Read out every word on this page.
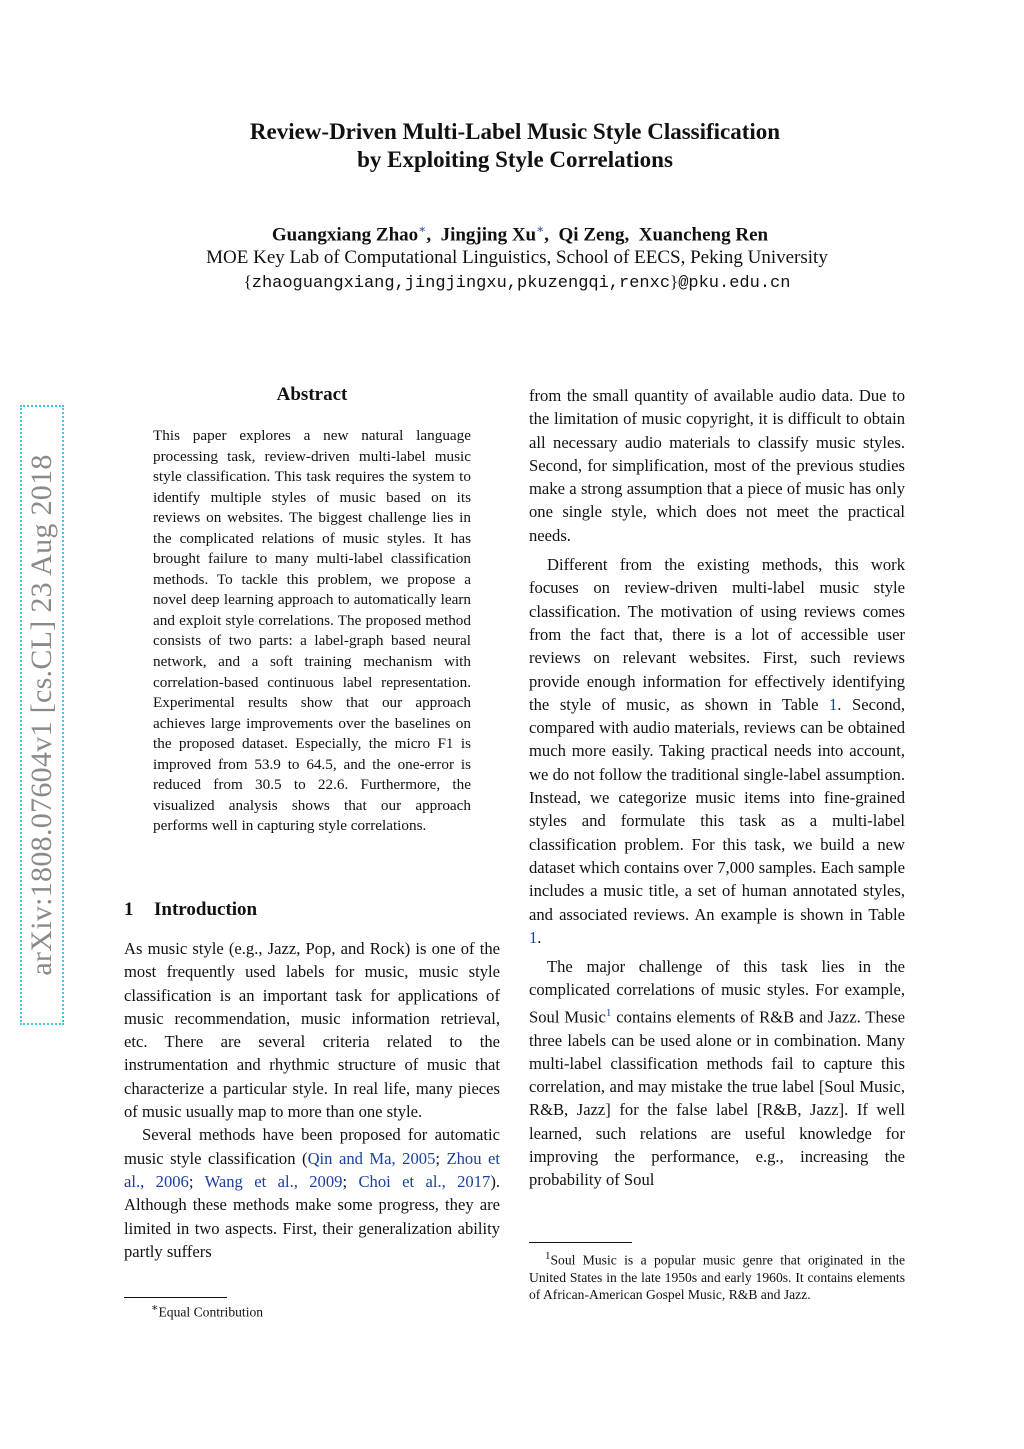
arXiv:1808.07604v1 [cs.CL] 23 Aug 2018
Review-Driven Multi-Label Music Style Classification
by Exploiting Style Correlations
Guangxiang Zhao∗, Jingjing Xu∗, Qi Zeng, Xuancheng Ren
MOE Key Lab of Computational Linguistics, School of EECS, Peking University
{zhaoguangxiang,jingjingxu,pkuzengqi,renxc}@pku.edu.cn
Abstract
This paper explores a new natural language processing task, review-driven multi-label music style classification. This task requires the system to identify multiple styles of music based on its reviews on websites. The biggest challenge lies in the complicated relations of music styles. It has brought failure to many multi-label classification methods. To tackle this problem, we propose a novel deep learning approach to automatically learn and exploit style correlations. The proposed method consists of two parts: a label-graph based neural network, and a soft training mechanism with correlation-based continuous label representation. Experimental results show that our approach achieves large improvements over the baselines on the proposed dataset. Especially, the micro F1 is improved from 53.9 to 64.5, and the one-error is reduced from 30.5 to 22.6. Furthermore, the visualized analysis shows that our approach performs well in capturing style correlations.
1 Introduction

As music style (e.g., Jazz, Pop, and Rock) is one of the most frequently used labels for music, music style classification is an important task for applications of music recommendation, music information retrieval, etc. There are several criteria related to the instrumentation and rhythmic structure of music that characterize a particular style. In real life, many pieces of music usually map to more than one style.

Several methods have been proposed for automatic music style classification (Qin and Ma, 2005; Zhou et al., 2006; Wang et al., 2009; Choi et al., 2017). Although these methods make some progress, they are limited in two aspects. First, their generalization ability partly suffers

∗Equal Contribution

from the small quantity of available audio data. Due to the limitation of music copyright, it is difficult to obtain all necessary audio materials to classify music styles. Second, for simplification, most of the previous studies make a strong assumption that a piece of music has only one single style, which does not meet the practical needs.

Different from the existing methods, this work focuses on review-driven multi-label music style classification. The motivation of using reviews comes from the fact that, there is a lot of accessible user reviews on relevant websites. First, such reviews provide enough information for effectively identifying the style of music, as shown in Table 1. Second, compared with audio materials, reviews can be obtained much more easily. Taking practical needs into account, we do not follow the traditional single-label assumption. Instead, we categorize music items into fine-grained styles and formulate this task as a multi-label classification problem. For this task, we build a new dataset which contains over 7,000 samples. Each sample includes a music title, a set of human annotated styles, and associated reviews. An example is shown in Table 1.

The major challenge of this task lies in the complicated correlations of music styles. For example, Soul Music$^1$ contains elements of R&B and Jazz. These three labels can be used alone or in combination. Many multi-label classification methods fail to capture this correlation, and may mistake the true label [Soul Music, R&B, Jazz] for the false label [R&B, Jazz]. If well learned, such relations are useful knowledge for improving the performance, e.g., increasing the probability of Soul

$^1$Soul Music is a popular music genre that originated in the United States in the late 1950s and early 1960s. It contains elements of African-American Gospel Music, R&B and Jazz.
